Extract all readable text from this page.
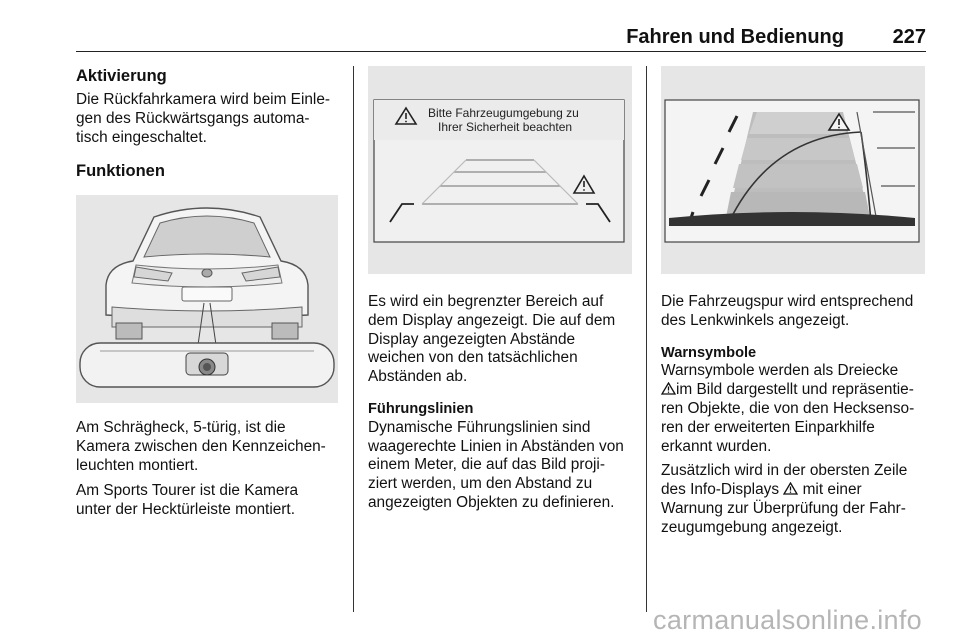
Fahren und Bedienung 227
Aktivierung

Die Rückfahrkamera wird beim Einle-
gen des Rückwärtsgangs automa-
tisch eingeschaltet.

Funktionen

Am Schrägheck, 5-türig, ist die
Kamera zwischen den Kennzeichen-
leuchten montiert.

Am Sports Tourer ist die Kamera
unter der Hecktürleiste montiert.

Bitte Fahrzeugumgebung zu
Ihrer Sicherheit beachten

Es wird ein begrenzter Bereich auf
dem Display angezeigt. Die auf dem
Display angezeigten Abstände
weichen von den tatsächlichen
Abständen ab.

Führungslinien

Dynamische Führungslinien sind
waagerechte Linien in Abständen von
einem Meter, die auf das Bild proji-
ziert werden, um den Abstand zu
angezeigten Objekten zu definieren.

Die Fahrzeugspur wird entsprechend
des Lenkwinkels angezeigt.

Warnsymbole

Warnsymbole werden als Dreiecke
im Bild dargestellt und repräsentie-
ren Objekte, die von den Hecksenso-
ren der erweiterten Einparkhilfe
erkannt wurden.

Zusätzlich wird in der obersten Zeile
des Info-Displays mit einer
Warnung zur Überprüfung der Fahr-
zeugumgebung angezeigt.

carmanualsonline.info
